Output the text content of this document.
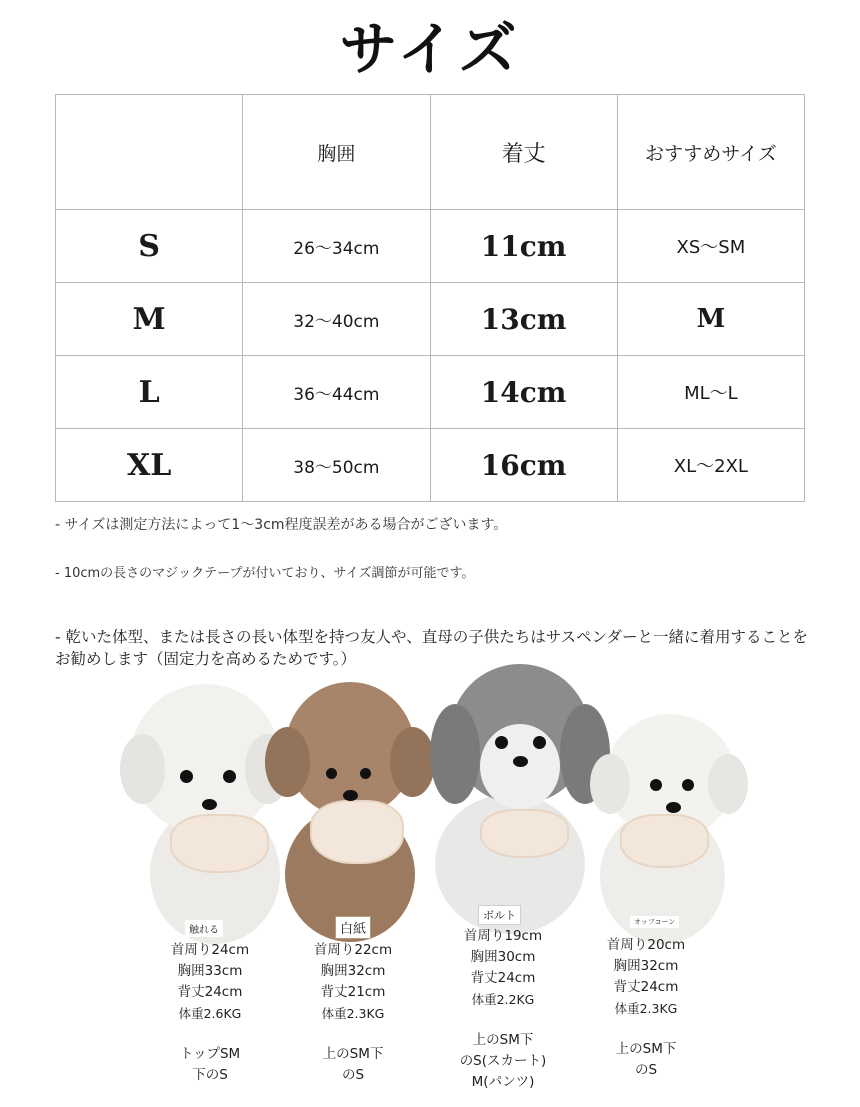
サイズ
	胸囲	着丈	おすすめサイズ
S	26〜34cm	11cm	XS〜SM
M	32〜40cm	13cm	M
L	36〜44cm	14cm	ML〜L
XL	38〜50cm	16cm	XL〜2XL
- サイズは測定方法によって1〜3cm程度誤差がある場合がございます。
- 10cmの長さのマジックテープが付いており、サイズ調節が可能です。
- 乾いた体型、または長さの長い体型を持つ友人や、直母の子供たちはサスペンダーと一緒に着用することをお勧めします（固定力を高めるためです。）
触れる	白紙
ボルト	オッフコーン
首周り24cm
胸囲33cm
背丈24cm
体重2.6KG
トップSM
下のS
首周り22cm
胸囲32cm
背丈21cm
体重2.3KG
上のSM下
のS
首周り19cm
胸囲30cm
背丈24cm
体重2.2KG
上のSM下
のS(スカート)
M(パンツ)
首周り20cm
胸囲32cm
背丈24cm
体重2.3KG
上のSM下
のS
